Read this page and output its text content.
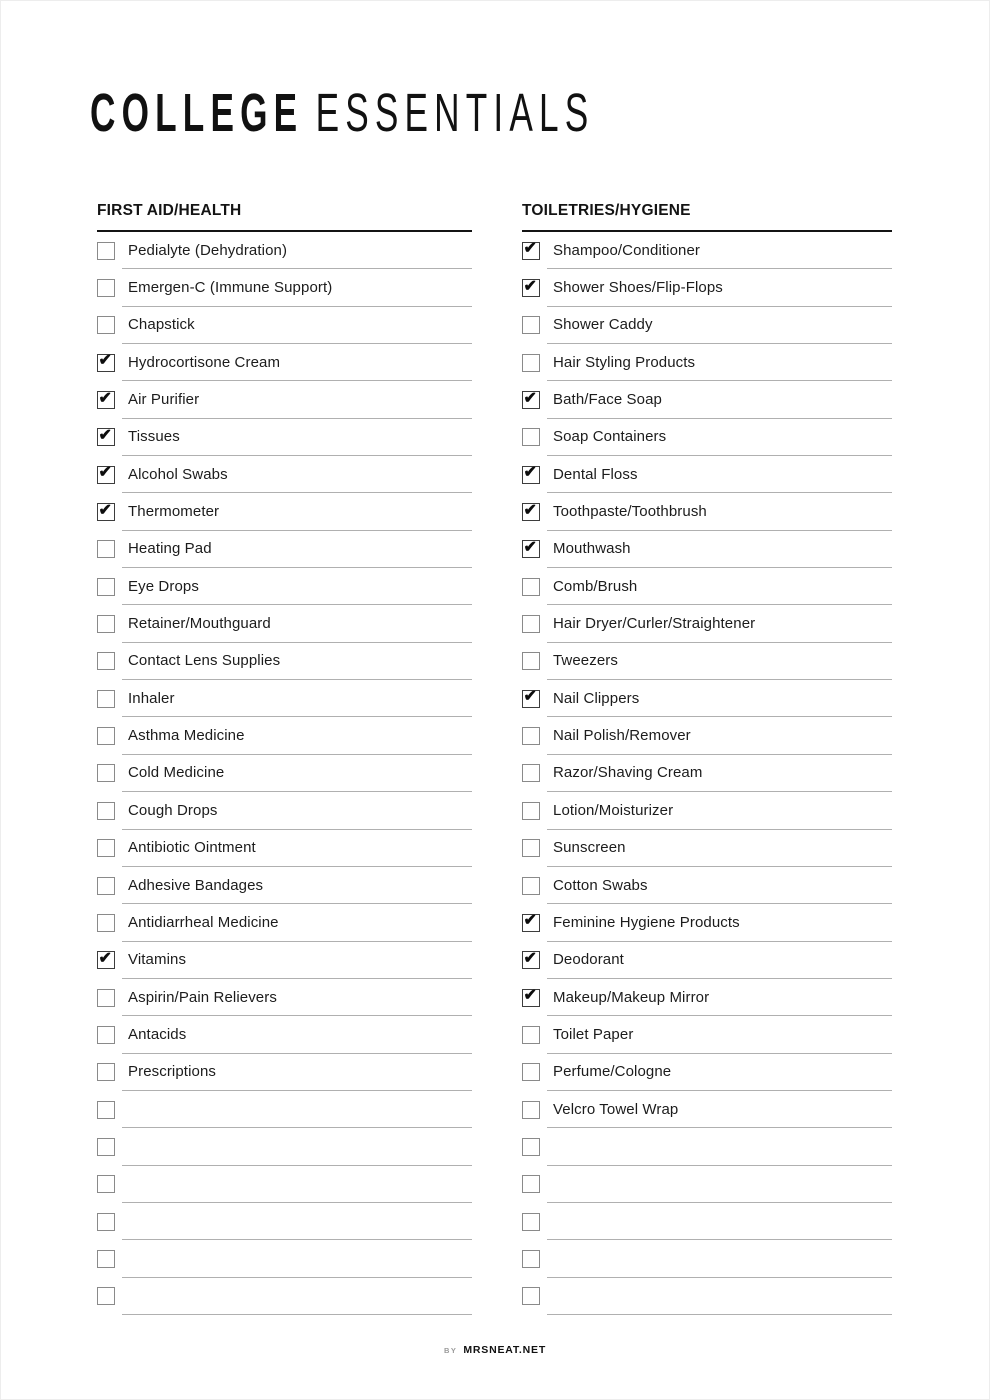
COLLEGE ESSENTIALS
FIRST AID/HEALTH
Pedialyte (Dehydration)
Emergen-C (Immune Support)
Chapstick
✔	Hydrocortisone Cream
✔	Air Purifier
✔	Tissues
✔	Alcohol Swabs
✔	Thermometer
Heating Pad
Eye Drops
Retainer/Mouthguard
Contact Lens Supplies
Inhaler
Asthma Medicine
Cold Medicine
Cough Drops
Antibiotic Ointment
Adhesive Bandages
Antidiarrheal Medicine
✔	Vitamins
Aspirin/Pain Relievers
Antacids
Prescriptions
TOILETRIES/HYGIENE
✔	Shampoo/Conditioner
✔	Shower Shoes/Flip-Flops
Shower Caddy
Hair Styling Products
✔	Bath/Face Soap
Soap Containers
✔	Dental Floss
✔	Toothpaste/Toothbrush
✔	Mouthwash
Comb/Brush
Hair Dryer/Curler/Straightener
Tweezers
✔	Nail Clippers
Nail Polish/Remover
Razor/Shaving Cream
Lotion/Moisturizer
Sunscreen
Cotton Swabs
✔	Feminine Hygiene Products
✔	Deodorant
✔	Makeup/Makeup Mirror
Toilet Paper
Perfume/Cologne
Velcro Towel Wrap
BY MRSNEAT.NET
